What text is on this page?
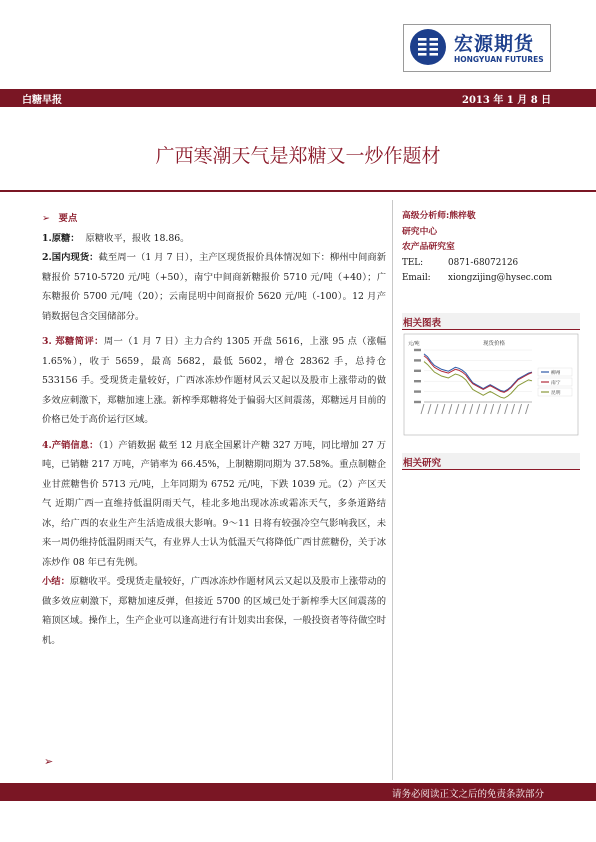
宏源期货
HONGYUAN FUTURES
白糖早报	2013 年 1 月 8 日
广西寒潮天气是郑糖又一炒作题材

➢ 要点

1.原糖： 原糖收平，报收 18.86。

2.国内现货：截至周一（1 月 7 日），主产区现货报价具体情况如下：柳州中间商新糖报价 5710-5720 元/吨（+50），南宁中间商新糖报价 5710 元/吨（+40）；广东糖报价 5700 元/吨（20）；云南昆明中间商报价 5620 元/吨（-100）。12 月产销数据包含交国储部分。

3. 郑糖简评：周一（1 月 7 日）主力合约 1305 开盘 5616，上涨 95 点（涨幅 1.65%），收于 5659，最高 5682，最低 5602，增仓 28362 手，总持仓 533156 手。受现货走量较好，广西冰冻炒作题材风云又起以及股市上涨带动的做多效应刺激下，郑糖加速上涨。新榨季郑糖将处于偏弱大区间震荡，郑糖远月目前的价格已处于高价运行区域。

4.产销信息：（1）产销数据 截至 12 月底全国累计产糖 327 万吨，同比增加 27 万吨，已销糖 217 万吨，产销率为 66.45%，上制糖期同期为 37.58%。重点制糖企业甘蔗糖售价 5713 元/吨，上年同期为 6752 元/吨，下跌 1039 元。（2）产区天气 近期广西一直维持低温阴雨天气，桂北多地出现冰冻或霜冻天气，多条道路结冰，给广西的农业生产生活造成很大影响。9～11 日将有较强冷空气影响我区，未来一周仍维持低温阴雨天气，有业界人士认为低温天气将降低广西甘蔗糖份，关于冰冻炒作 08 年已有先例。

小结：原糖收平。受现货走量较好，广西冰冻炒作题材风云又起以及股市上涨带动的做多效应刺激下，郑糖加速反弹，但接近 5700 的区域已处于新榨季大区间震荡的箱顶区域。操作上，生产企业可以逢高进行有计划卖出套保，一般投资者等待做空时机。

➢
高级分析师:熊梓敬
研究中心
农产品研究室
TEL:	0871-68072126
Email:	xiongzijing@hysec.com
相关图表
现货价格
元/吨
柳州
南宁
昆明
相关研究
请务必阅读正文之后的免责条款部分
